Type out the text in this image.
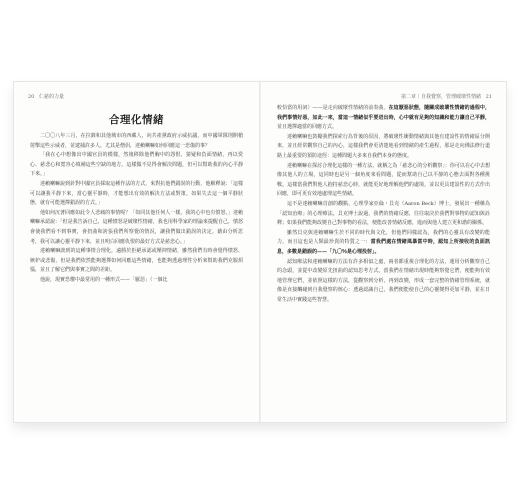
20 仁慈的力量
合理化情緒

二〇〇八年三月，在拉薩和其他城市的西藏人，向共產黨政府示威抗議，而中國軍隊則開槍射擊這些示威者，並逮捕許多人。尤其是僧侶，達賴喇嘛如何回應這一悲傷的事？

「我在心中想像出中國官員的模樣，然後移除他們胸中的怨恨、猜疑和負面情緒，再以愛心、慈悲心和寬容心填補這些空缺的地方。這樣做不見得會解決問題，但可以幫助我的內心平靜下來。」

達賴喇嘛說到針對中國官員採取這種作法的方式，來對抗他們錯誤的行動，他解釋說：「這樣可以讓我平靜下來，當心靈平靜時，才能想出有效的解決方法或對策。如果失去這一個平靜狀態，就有可能選擇錯誤的方式。」

他如何沉著回應如此令人悲痛的事情呢？「如同其他任何人一樣，我的心中也有憤怒，」達賴喇嘛承認說：「但是我告訴自己，這種憤怒是破壞性情緒，我也用科學家的理論來提醒自己，憤怒會使我們看不到事實，會扭曲和誇張我們所察覺的情況，讓我們做出錯誤的決定。藉由分析思考，我可以讓心靈平靜下來，並且明白回應仇恨的最好方式是慈悲心。」

達賴喇嘛談到的這種事情合理化，遠勝於拒絕承認或壓抑情緒，雖然我們有時會覺得憤怒、嫉妒或悲傷，但是我們依然能夠選擇如何回應這些情緒，也能夠透過理性分析來幫助我們克服煩惱，並且了解它們與事實之間的差距。

他說，現實恐懼中最常用的一種形式——「厭惡」（一個比

第二章｜自我覺察，管理破壞性情緒 21

較恰當的用詞）——是走向破壞性情緒的前奏曲。在這厭惡狀態，隨關成破壞性情緒的過程中，我們事情好惡，如此一來，當這一情緒似乎要迸出時，心中就有足夠的知識和能力讓自己平靜，並且選擇適當的回應方式。

達賴喇嘛也鼓勵我們探索行為背後的原因，將破壞性衝動情緒與其他有建設性的情緒區分開來，並且經常觀察自己的內心，這樣我們會更清楚地看到情緒的產生過程，那是走向佛法修行道路上最重要的預防途徑：這種問題大多來自我們本身的態度。

達賴喇嘛在探討合理化這樣的一種方法，就稱之為「慈悲心的分析觀察」：你可以在心中去想像其他人的立場，這同時也是另一個角度來看問題，從而幫助自己以平靜的心態去面對各種挑戰。這樣當我們對他人抱持慈悲心時，就能更好地理解他們的處境，並以更具建設性的方式作出回應，即可更有效地處理這些情緒。

這不是達賴喇嘛首創的觀點，心理學家亞倫・貝克（Aaron Beck）博士，發展出一種稱為「認知治療」的心理療法。貝克博士說過，我們的情緒反應，往往取決於我們對事物的認知與詮釋；如果我們能夠改變自己對事物的看法，便能改善情緒反應，進而與他人建立更和諧的關係。

雖然貝克與達賴喇嘛生於不同的時代與文化，但他們同樣認為，我們的心靈具有改變的能力，而且這也是人類最珍貴的特質之一：當我們處在情緒風暴當中時，認知上所接收的負面訊息，多數是錯誤的——「九〇％是心理投射」。

認知療法和達賴喇嘛的方法有許多相似之處，兩者都重視合理化的方法，運用分析觀察自己的念頭，並從中改變原先扭曲的認知思考方式。當我們在情緒出現時能夠察覺它們，便能夠有效地管理它們，並依照這樣的方法，從觀察到分析，再到改變，形成一套完整的情緒管理系統，就像是直接觸碰到自我覺察的核心：透過認識自己，我們便能使自己的心靈變得更加平靜，並在日常生活中實踐這些智慧。
